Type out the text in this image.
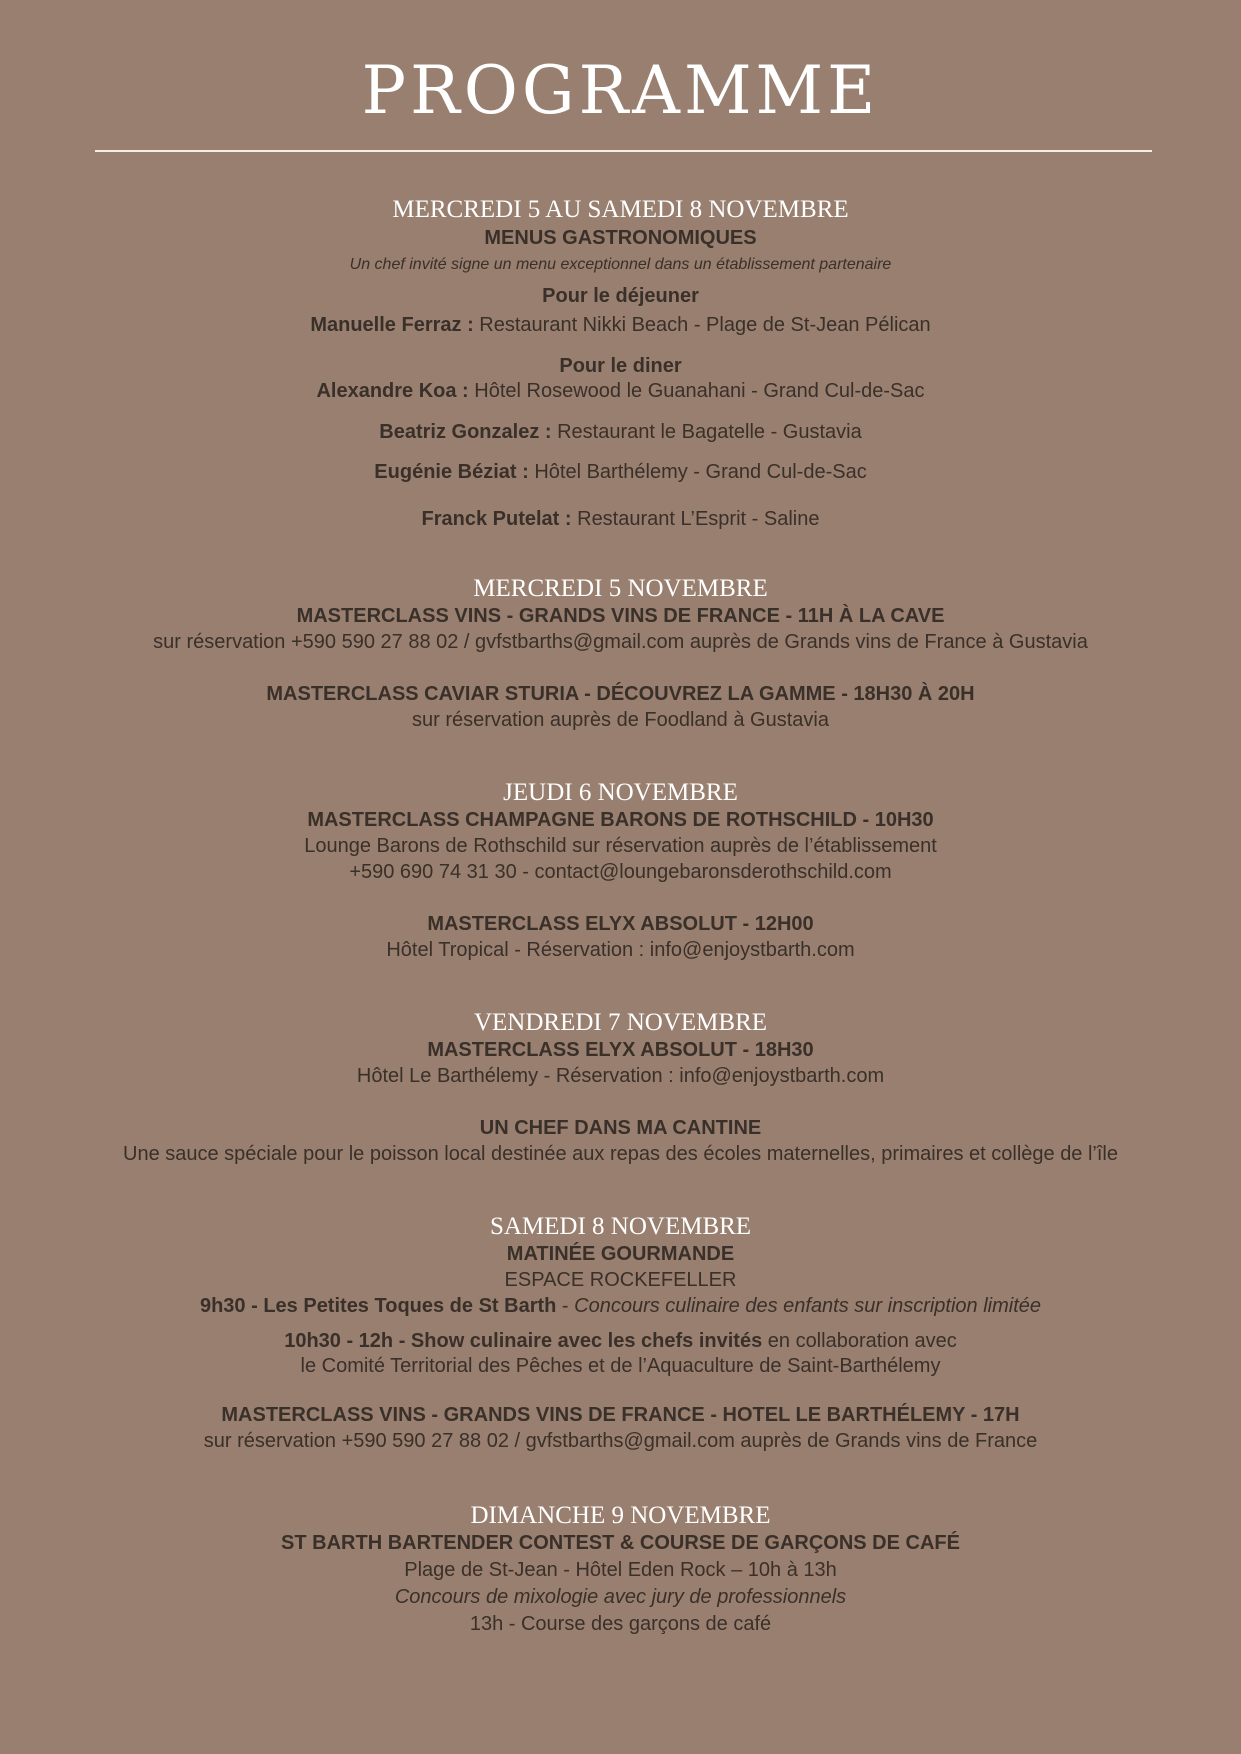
PROGRAMME
MERCREDI 5 AU SAMEDI 8 NOVEMBRE
MENUS GASTRONOMIQUES
Un chef invité signe un menu exceptionnel dans un établissement partenaire
Pour le déjeuner
Manuelle Ferraz : Restaurant Nikki Beach - Plage de St-Jean Pélican
Pour le diner
Alexandre Koa : Hôtel Rosewood le Guanahani - Grand Cul-de-Sac
Beatriz Gonzalez : Restaurant le Bagatelle - Gustavia
Eugénie Béziat : Hôtel Barthélemy - Grand Cul-de-Sac
Franck Putelat : Restaurant L’Esprit - Saline
MERCREDI 5 NOVEMBRE
MASTERCLASS VINS - GRANDS VINS DE FRANCE - 11H À LA CAVE
sur réservation +590 590 27 88 02 / gvfstbarths@gmail.com auprès de Grands vins de France à Gustavia
MASTERCLASS CAVIAR STURIA - DÉCOUVREZ LA GAMME - 18H30 À 20H
sur réservation auprès de Foodland à Gustavia
JEUDI 6 NOVEMBRE
MASTERCLASS CHAMPAGNE BARONS DE ROTHSCHILD - 10H30
Lounge Barons de Rothschild sur réservation auprès de l’établissement
+590 690 74 31 30 - contact@loungebaronsderothschild.com
MASTERCLASS ELYX ABSOLUT - 12H00
Hôtel Tropical - Réservation : info@enjoystbarth.com
VENDREDI 7 NOVEMBRE
MASTERCLASS ELYX ABSOLUT - 18H30
Hôtel Le Barthélemy - Réservation : info@enjoystbarth.com
UN CHEF DANS MA CANTINE
Une sauce spéciale pour le poisson local destinée aux repas des écoles maternelles, primaires et collège de l’île
SAMEDI 8 NOVEMBRE
MATINÉE GOURMANDE
ESPACE ROCKEFELLER
9h30 - Les Petites Toques de St Barth - Concours culinaire des enfants sur inscription limitée
10h30 - 12h - Show culinaire avec les chefs invités en collaboration avec
le Comité Territorial des Pêches et de l’Aquaculture de Saint-Barthélemy
MASTERCLASS VINS - GRANDS VINS DE FRANCE - HOTEL LE BARTHÉLEMY - 17H
sur réservation +590 590 27 88 02 / gvfstbarths@gmail.com auprès de Grands vins de France
DIMANCHE 9 NOVEMBRE
ST BARTH BARTENDER CONTEST & COURSE DE GARÇONS DE CAFÉ
Plage de St-Jean - Hôtel Eden Rock – 10h à 13h
Concours de mixologie avec jury de professionnels
13h - Course des garçons de café
